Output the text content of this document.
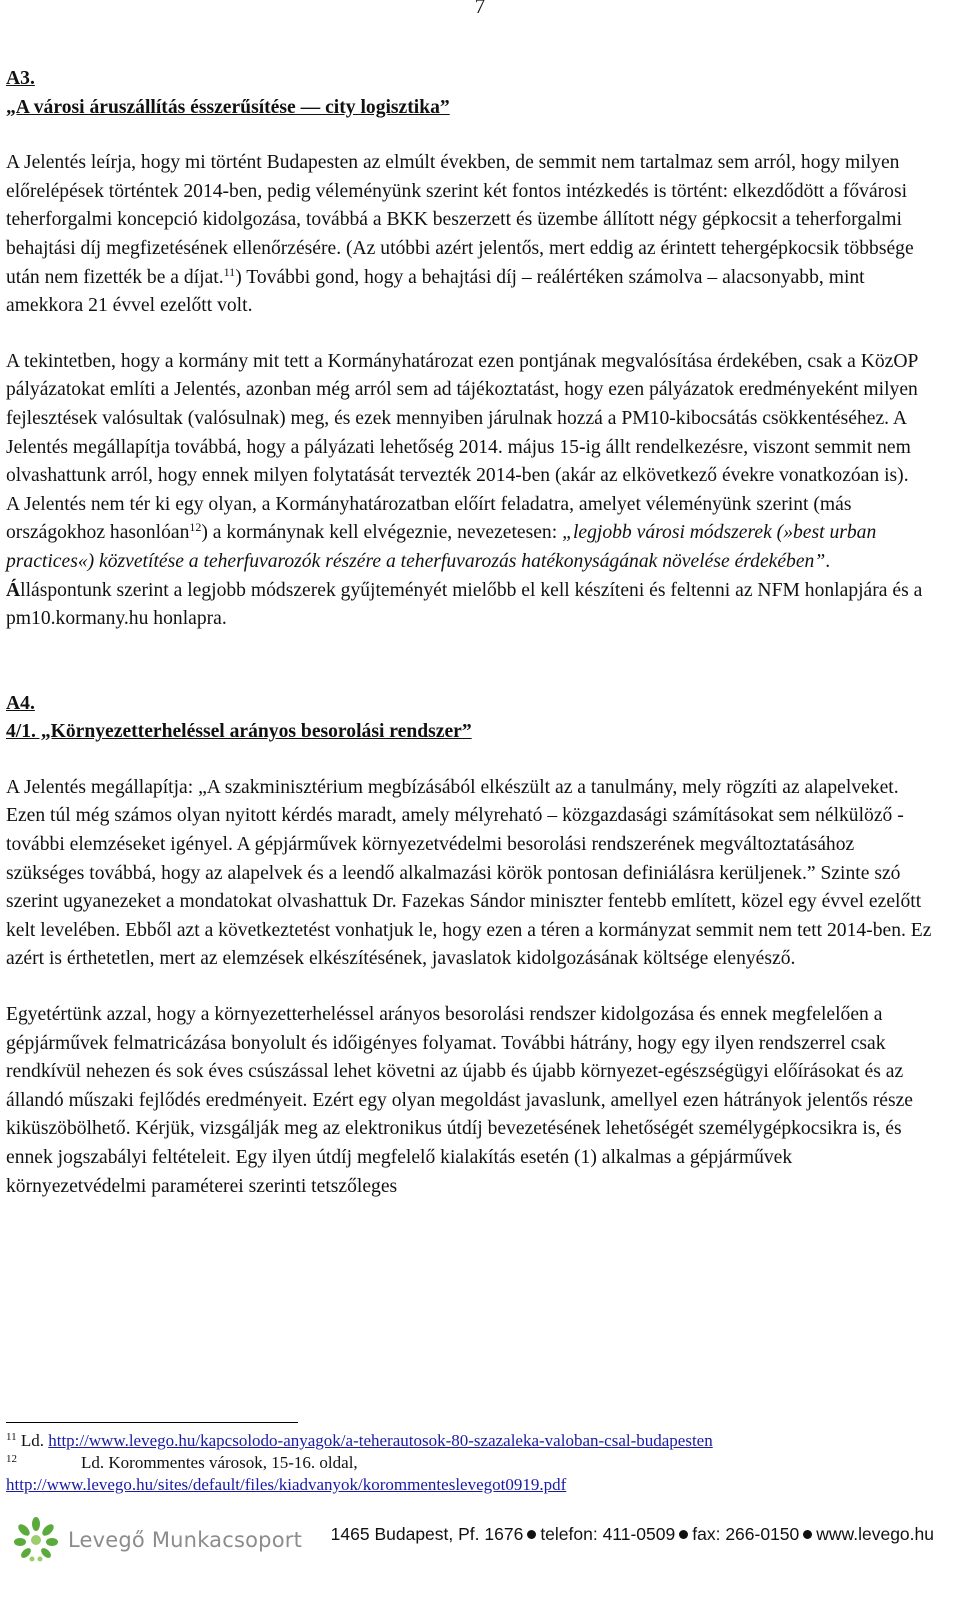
7

A3.

„A városi áruszállítás ésszerűsítése — city logisztika”

A Jelentés leírja, hogy mi történt Budapesten az elmúlt években, de semmit nem tartalmaz sem arról, hogy milyen előrelépések történtek 2014-ben, pedig véleményünk szerint két fontos intézkedés is történt: elkezdődött a fővárosi teherforgalmi koncepció kidolgozása, továbbá a BKK beszerzett és üzembe állított négy gépkocsit a teherforgalmi behajtási díj megfizetésének ellenőrzésére. (Az utóbbi azért jelentős, mert eddig az érintett tehergépkocsik többsége után nem fizették be a díjat.$^{11}$) További gond, hogy a behajtási díj – reálértéken számolva – alacsonyabb, mint amekkora 21 évvel ezelőtt volt.

A tekintetben, hogy a kormány mit tett a Kormányhatározat ezen pontjának megvalósítása érdekében, csak a KözOP pályázatokat említi a Jelentés, azonban még arról sem ad tájékoztatást, hogy ezen pályázatok eredményeként milyen fejlesztések valósultak (valósulnak) meg, és ezek mennyiben járulnak hozzá a PM10-kibocsátás csökkentéséhez. A Jelentés megállapítja továbbá, hogy a pályázati lehetőség 2014. május 15-ig állt rendelkezésre, viszont semmit nem olvashattunk arról, hogy ennek milyen folytatását tervezték 2014-ben (akár az elkövetkező évekre vonatkozóan is).

A Jelentés nem tér ki egy olyan, a Kormányhatározatban előírt feladatra, amelyet véleményünk szerint (más országokhoz hasonlóan$^{12}$) a kormánynak kell elvégeznie, nevezetesen: „legjobb városi módszerek (»best urban practices«) közvetítése a teherfuvarozók részére a teherfuvarozás hatékonyságának növelése érdekében”. Álláspontunk szerint a legjobb módszerek gyűjteményét mielőbb el kell készíteni és feltenni az NFM honlapjára és a pm10.kormany.hu honlapra.

A4.

4/1. „Környezetterheléssel arányos besorolási rendszer”

A Jelentés megállapítja: „A szakminisztérium megbízásából elkészült az a tanulmány, mely rögzíti az alapelveket. Ezen túl még számos olyan nyitott kérdés maradt, amely mélyreható – közgazdasági számításokat sem nélkülöző - további elemzéseket igényel. A gépjárművek környezetvédelmi besorolási rendszerének megváltoztatásához szükséges továbbá, hogy az alapelvek és a leendő alkalmazási körök pontosan definiálásra kerüljenek.” Szinte szó szerint ugyanezeket a mondatokat olvashattuk Dr. Fazekas Sándor miniszter fentebb említett, közel egy évvel ezelőtt kelt levelében. Ebből azt a következtetést vonhatjuk le, hogy ezen a téren a kormányzat semmit nem tett 2014-ben. Ez azért is érthetetlen, mert az elemzések elkészítésének, javaslatok kidolgozásának költsége elenyésző.

Egyetértünk azzal, hogy a környezetterheléssel arányos besorolási rendszer kidolgozása és ennek megfelelően a gépjárművek felmatricázása bonyolult és időigényes folyamat. További hátrány, hogy egy ilyen rendszerrel csak rendkívül nehezen és sok éves csúszással lehet követni az újabb és újabb környezet-egészségügyi előírásokat és az állandó műszaki fejlődés eredményeit. Ezért egy olyan megoldást javaslunk, amellyel ezen hátrányok jelentős része kiküszöbölhető. Kérjük, vizsgálják meg az elektronikus útdíj bevezetésének lehetőségét személygépkocsikra is, és ennek jogszabályi feltételeit. Egy ilyen útdíj megfelelő kialakítás esetén (1) alkalmas a gépjárművek környezetvédelmi paraméterei szerinti tetszőleges

$^{11}$ Ld. http://www.levego.hu/kapcsolodo-anyagok/a-teherautosok-80-szazaleka-valoban-csal-budapesten
$^{12}$	Ld. Korommentes városok, 15-16. oldal,
http://www.levego.hu/sites/default/files/kiadvanyok/korommenteslevegot0919.pdf
Levegő Munkacsoport 1465 Budapest, Pf. 1676 telefon: 411-0509 fax: 266-0150 www.levego.hu
